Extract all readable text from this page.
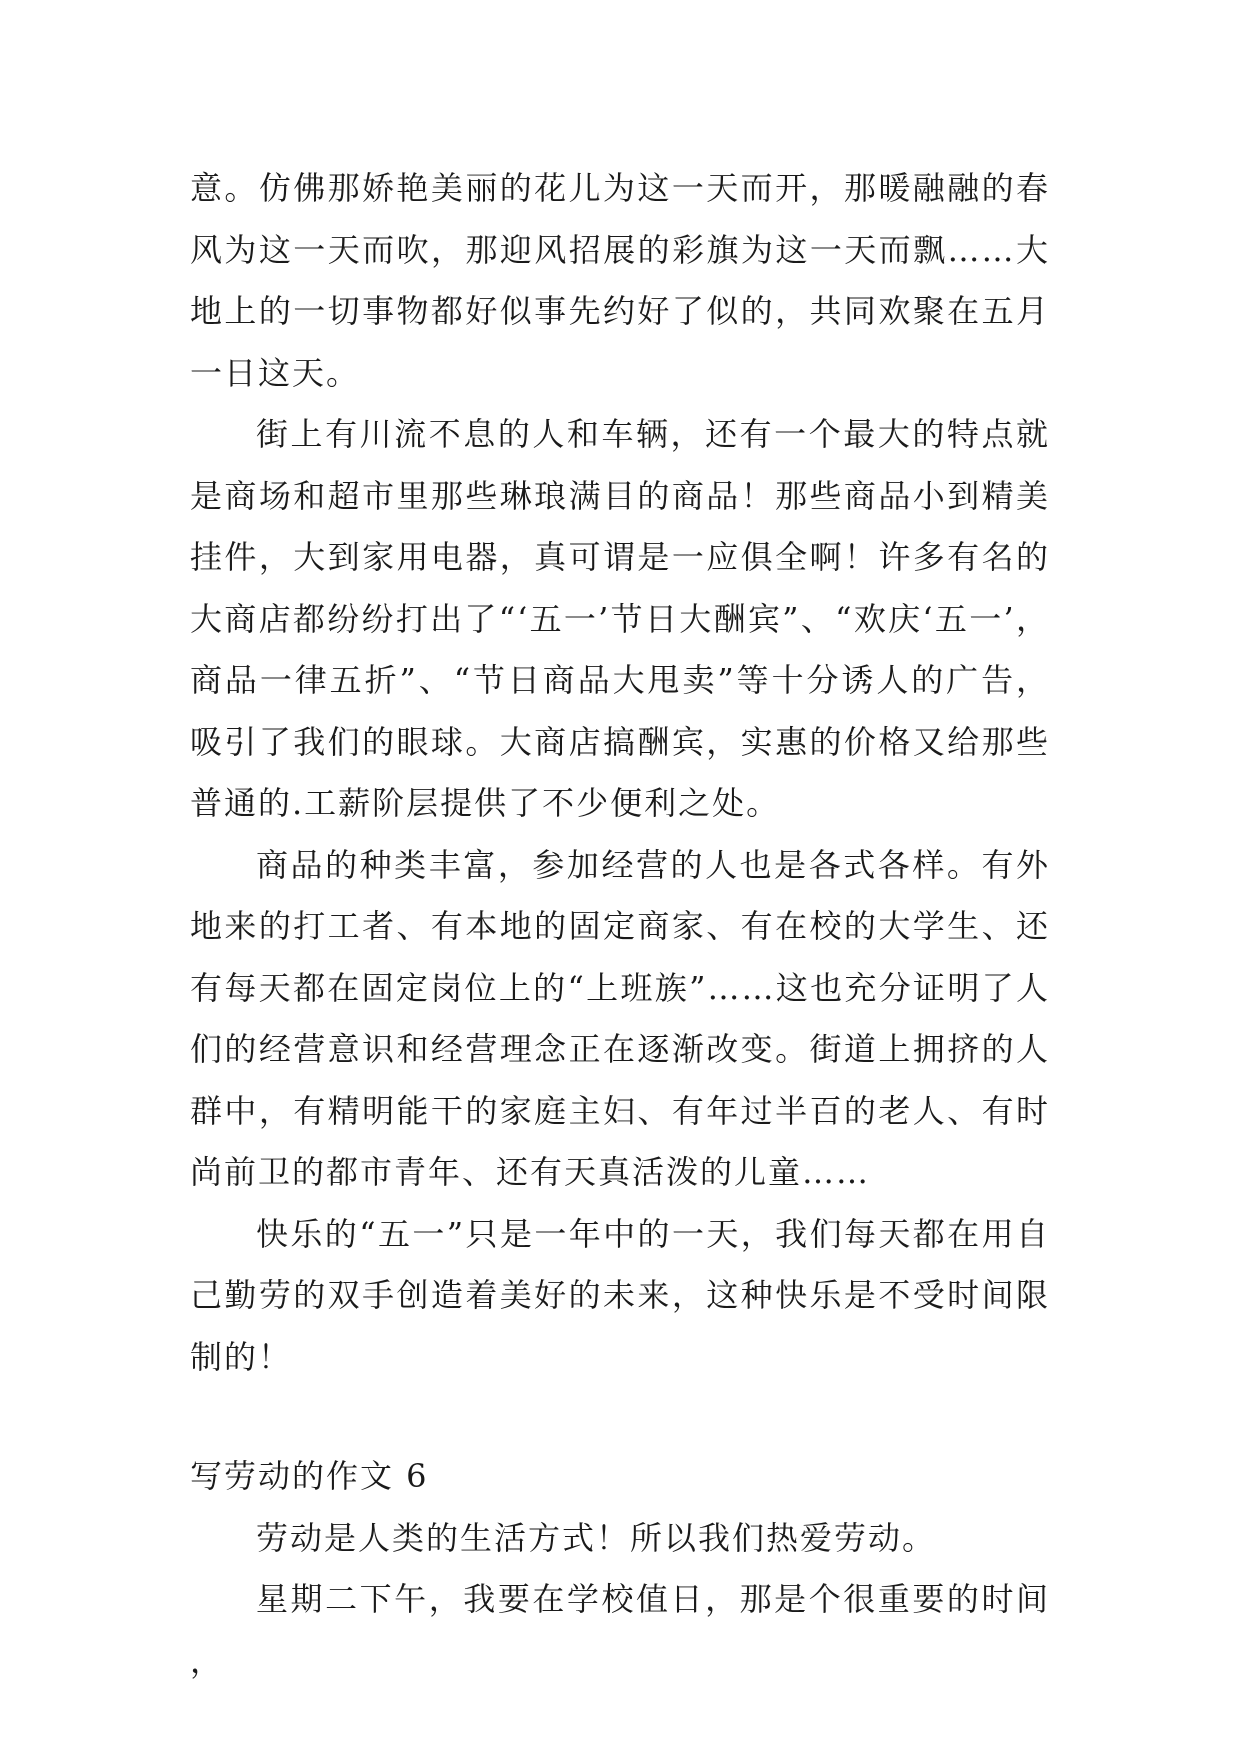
意。仿佛那娇艳美丽的花儿为这一天而开，那暖融融的春风为这一天而吹，那迎风招展的彩旗为这一天而飘……大地上的一切事物都好似事先约好了似的，共同欢聚在五月一日这天。

街上有川流不息的人和车辆，还有一个最大的特点就是商场和超市里那些琳琅满目的商品！那些商品小到精美挂件，大到家用电器，真可谓是一应俱全啊！许多有名的大商店都纷纷打出了“‘五一’节日大酬宾”、“欢庆‘五一’，商品一律五折”、“节日商品大甩卖”等十分诱人的广告，吸引了我们的眼球。大商店搞酬宾，实惠的价格又给那些普通的.工薪阶层提供了不少便利之处。

商品的种类丰富，参加经营的人也是各式各样。有外地来的打工者、有本地的固定商家、有在校的大学生、还有每天都在固定岗位上的“上班族”……这也充分证明了人们的经营意识和经营理念正在逐渐改变。街道上拥挤的人群中，有精明能干的家庭主妇、有年过半百的老人、有时尚前卫的都市青年、还有天真活泼的儿童……

快乐的“五一”只是一年中的一天，我们每天都在用自己勤劳的双手创造着美好的未来，这种快乐是不受时间限制的！

写劳动的作文 6

劳动是人类的生活方式！所以我们热爱劳动。

星期二下午，我要在学校值日，那是个很重要的时间，
